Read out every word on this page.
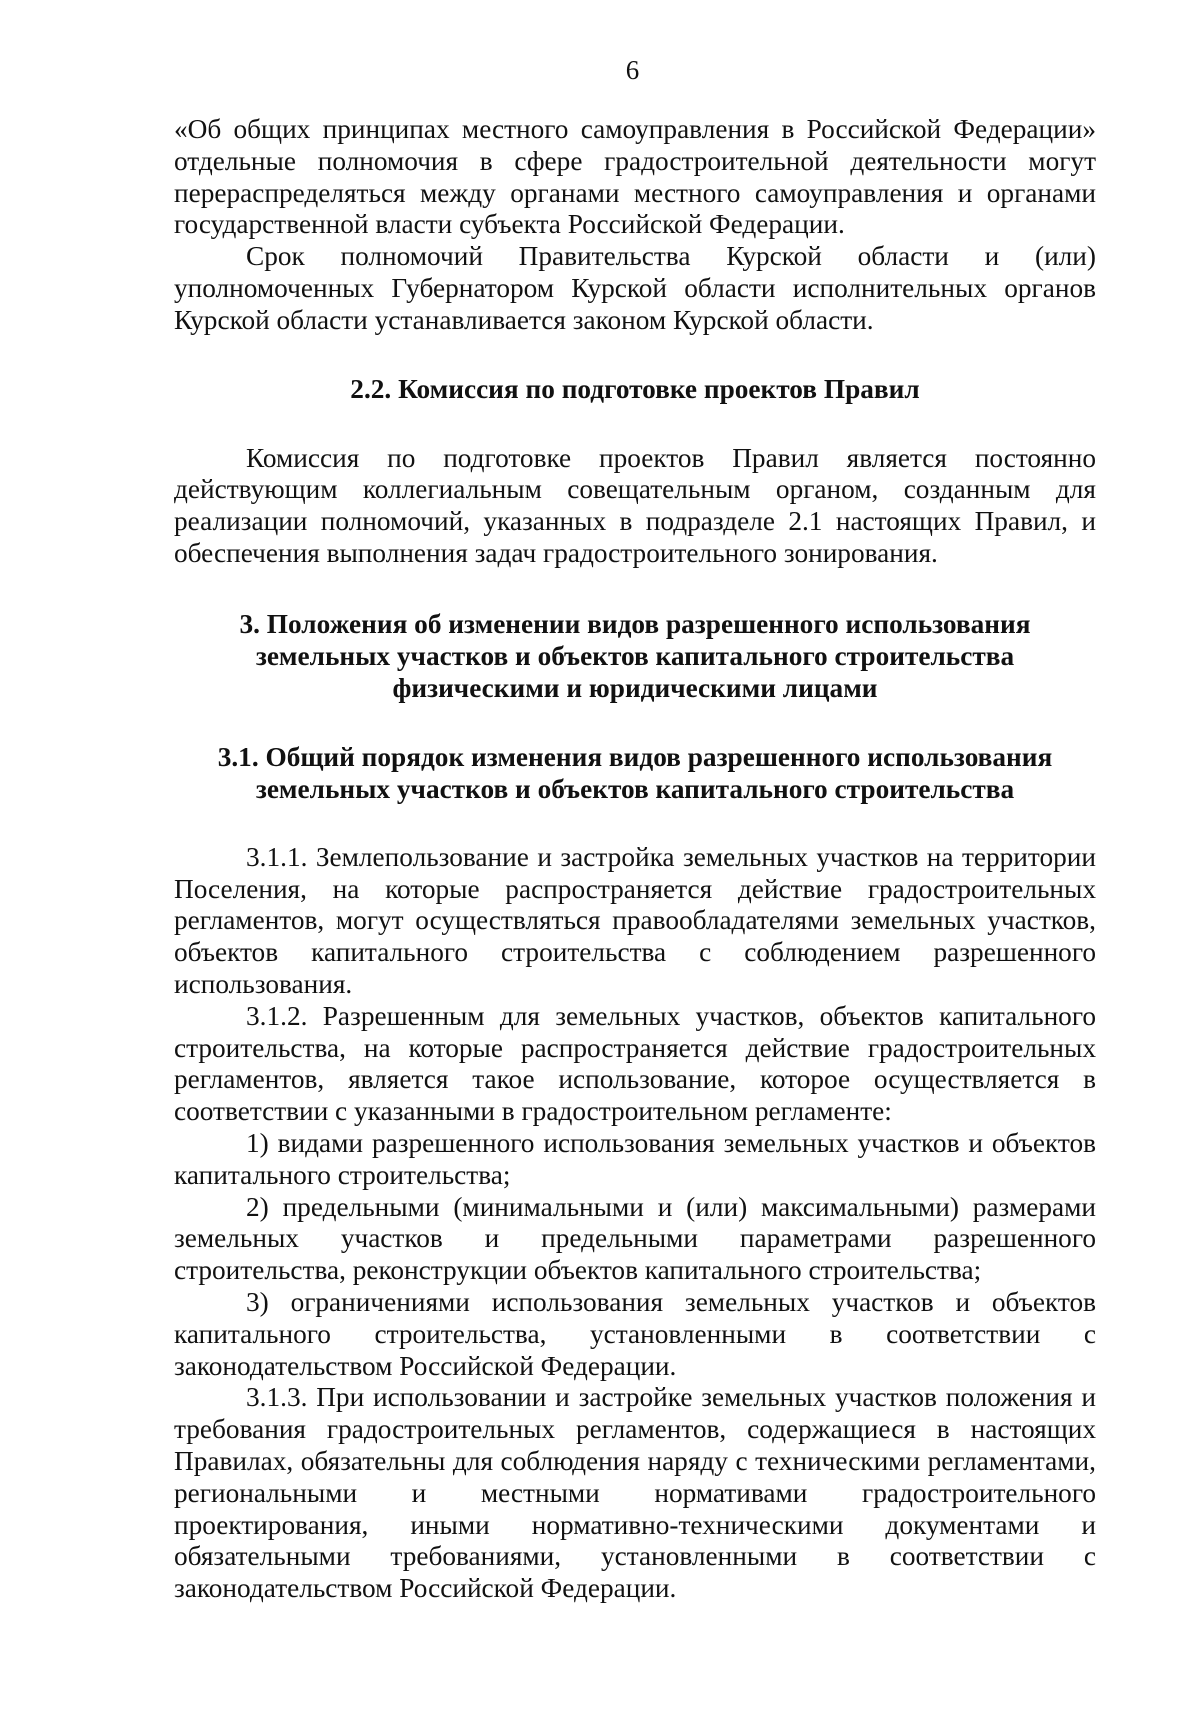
6

«Об общих принципах местного самоуправления в Российской Федерации» отдельные полномочия в сфере градостроительной деятельности могут перераспределяться между органами местного самоуправления и органами государственной власти субъекта Российской Федерации.

Срок полномочий Правительства Курской области и (или) уполномоченных Губернатором Курской области исполнительных органов Курской области устанавливается законом Курской области.

2.2. Комиссия по подготовке проектов Правил

Комиссия по подготовке проектов Правил является постоянно действующим коллегиальным совещательным органом, созданным для реализации полномочий, указанных в подразделе 2.1 настоящих Правил, и обеспечения выполнения задач градостроительного зонирования.

3. Положения об изменении видов разрешенного использования

земельных участков и объектов капитального строительства

физическими и юридическими лицами

3.1. Общий порядок изменения видов разрешенного использования

земельных участков и объектов капитального строительства

3.1.1. Землепользование и застройка земельных участков на территории Поселения, на которые распространяется действие градостроительных регламентов, могут осуществляться правообладателями земельных участков, объектов капитального строительства с соблюдением разрешенного использования.

3.1.2. Разрешенным для земельных участков, объектов капитального строительства, на которые распространяется действие градостроительных регламентов, является такое использование, которое осуществляется в соответствии с указанными в градостроительном регламенте:

1) видами разрешенного использования земельных участков и объектов капитального строительства;

2) предельными (минимальными и (или) максимальными) размерами земельных участков и предельными параметрами разрешенного строительства, реконструкции объектов капитального строительства;

3) ограничениями использования земельных участков и объектов капитального строительства, установленными в соответствии с законодательством Российской Федерации.

3.1.3. При использовании и застройке земельных участков положения и требования градостроительных регламентов, содержащиеся в настоящих Правилах, обязательны для соблюдения наряду с техническими регламентами, региональными и местными нормативами градостроительного проектирования, иными нормативно-техническими документами и обязательными требованиями, установленными в соответствии с законодательством Российской Федерации.
